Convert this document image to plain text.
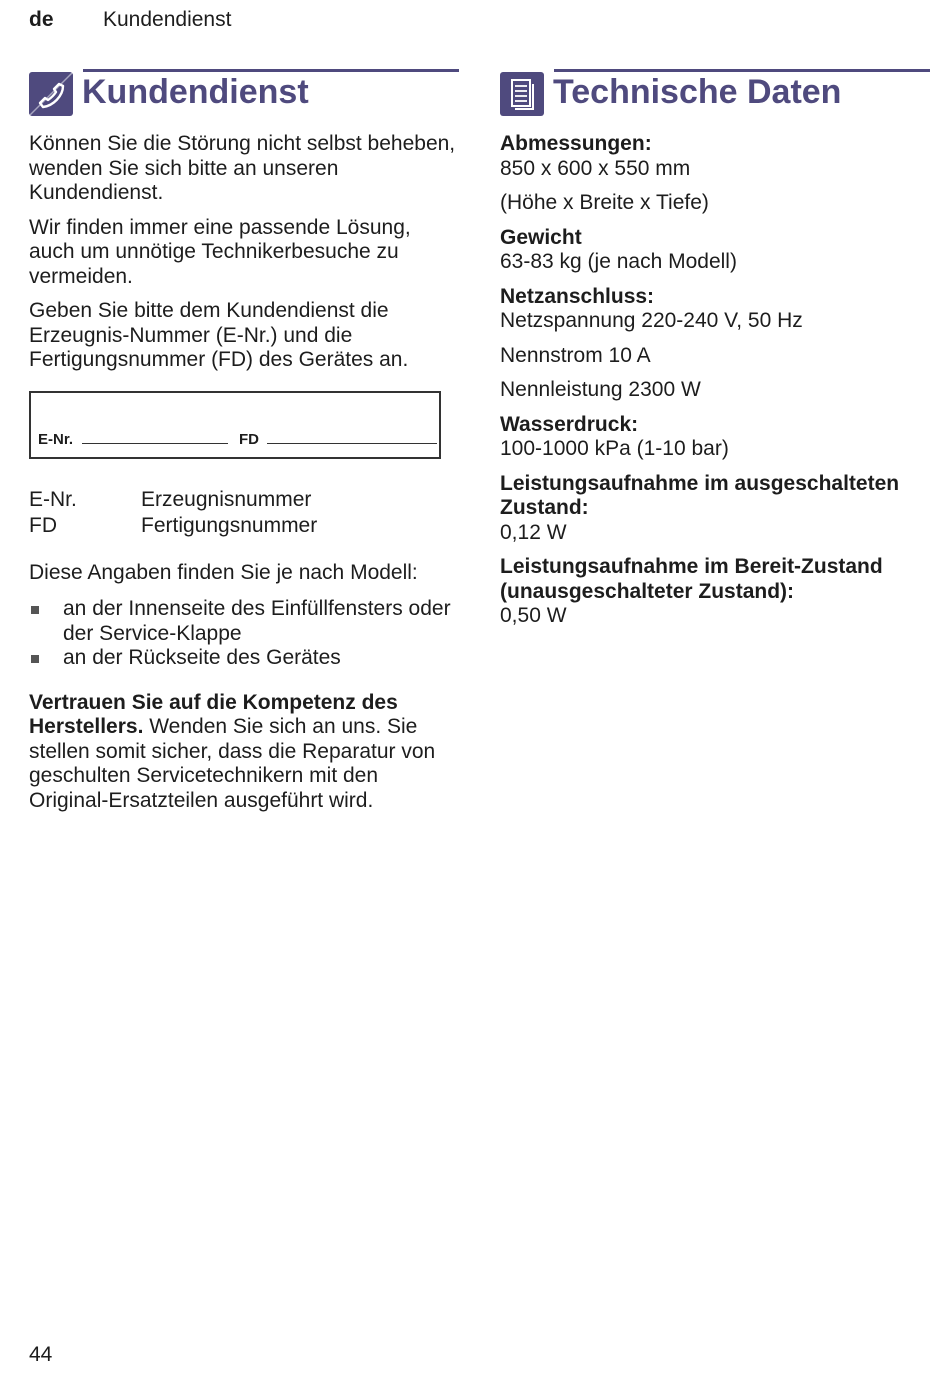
de Kundendienst
Kundendienst

Können Sie die Störung nicht selbst beheben, wenden Sie sich bitte an unseren Kundendienst.

Wir finden immer eine passende Lösung, auch um unnötige Technikerbesuche zu vermeiden.

Geben Sie bitte dem Kundendienst die Erzeugnis-Nummer (E-Nr.) und die Fertigungsnummer (FD) des Gerätes an.

E-Nr.	FD
E-Nr.	Erzeugnisnummer
FD	Fertigungsnummer

Diese Angaben finden Sie je nach Modell:

an der Innenseite des Einfüllfensters oder der Service-Klappe
an der Rückseite des Gerätes

Vertrauen Sie auf die Kompetenz des Herstellers. Wenden Sie sich an uns. Sie stellen somit sicher, dass die Reparatur von geschulten Servicetechnikern mit den Original-Ersatzteilen ausgeführt wird.

Technische Daten
Abmessungen:
850 x 600 x 550 mm
(Höhe x Breite x Tiefe)
Gewicht
63-83 kg (je nach Modell)
Netzanschluss:
Netzspannung 220-240 V, 50 Hz
Nennstrom 10 A
Nennleistung 2300 W
Wasserdruck:
100-1000 kPa (1-10 bar)
Leistungsaufnahme im ausgeschalteten Zustand:
0,12 W
Leistungsaufnahme im Bereit-Zustand (unausgeschalteter Zustand):
0,50 W
44
